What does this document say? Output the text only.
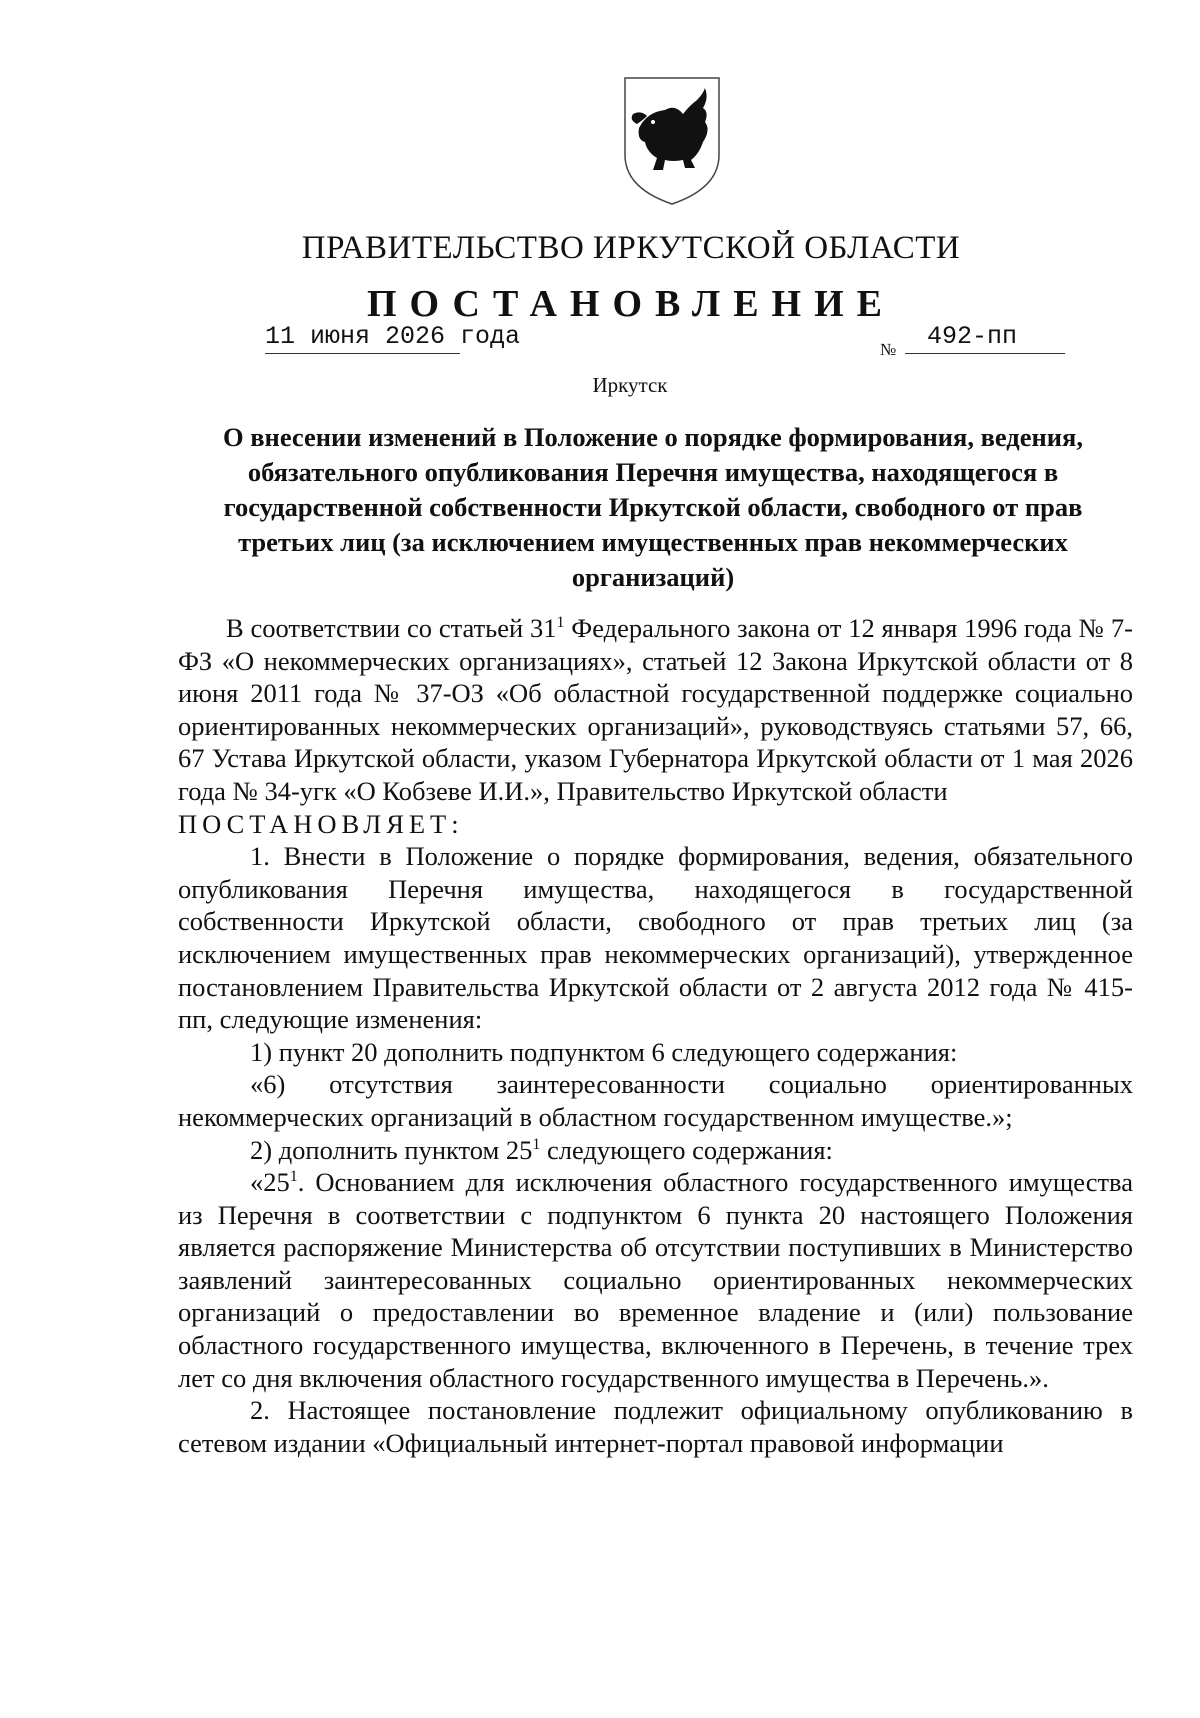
ПРАВИТЕЛЬСТВО ИРКУТСКОЙ ОБЛАСТИ
ПОСТАНОВЛЕНИЕ
11 июня 2026 года	№	492-пп
Иркутск
О внесении изменений в Положение о порядке формирования, ведения, обязательного опубликования Перечня имущества, находящегося в государственной собственности Иркутской области, свободного от прав третьих лиц (за исключением имущественных прав некоммерческих организаций)

В соответствии со статьей $31^1$ Федерального закона от 12 января 1996 года № 7-ФЗ «О некоммерческих организациях», статьей 12 Закона Иркутской области от 8 июня 2011 года № 37-ОЗ «Об областной государственной поддержке социально ориентированных некоммерческих организаций», руководствуясь статьями 57, 66, 67 Устава Иркутской области, указом Губернатора Иркутской области от 1 мая 2026 года № 34-угк «О Кобзеве И.И.», Правительство Иркутской области

ПОСТАНОВЛЯЕТ:

1. Внести в Положение о порядке формирования, ведения, обязательного опубликования Перечня имущества, находящегося в государственной собственности Иркутской области, свободного от прав третьих лиц (за исключением имущественных прав некоммерческих организаций), утвержденное постановлением Правительства Иркутской области от 2 августа 2012 года № 415-пп, следующие изменения:

1) пункт 20 дополнить подпунктом 6 следующего содержания:

«6) отсутствия заинтересованности социально ориентированных некоммерческих организаций в областном государственном имуществе.»;

2) дополнить пунктом $25^1$ следующего содержания:

«$25^1$. Основанием для исключения областного государственного имущества из Перечня в соответствии с подпунктом 6 пункта 20 настоящего Положения является распоряжение Министерства об отсутствии поступивших в Министерство заявлений заинтересованных социально ориентированных некоммерческих организаций о предоставлении во временное владение и (или) пользование областного государственного имущества, включенного в Перечень, в течение трех лет со дня включения областного государственного имущества в Перечень.».

2. Настоящее постановление подлежит официальному опубликованию в сетевом издании «Официальный интернет-портал правовой информации
